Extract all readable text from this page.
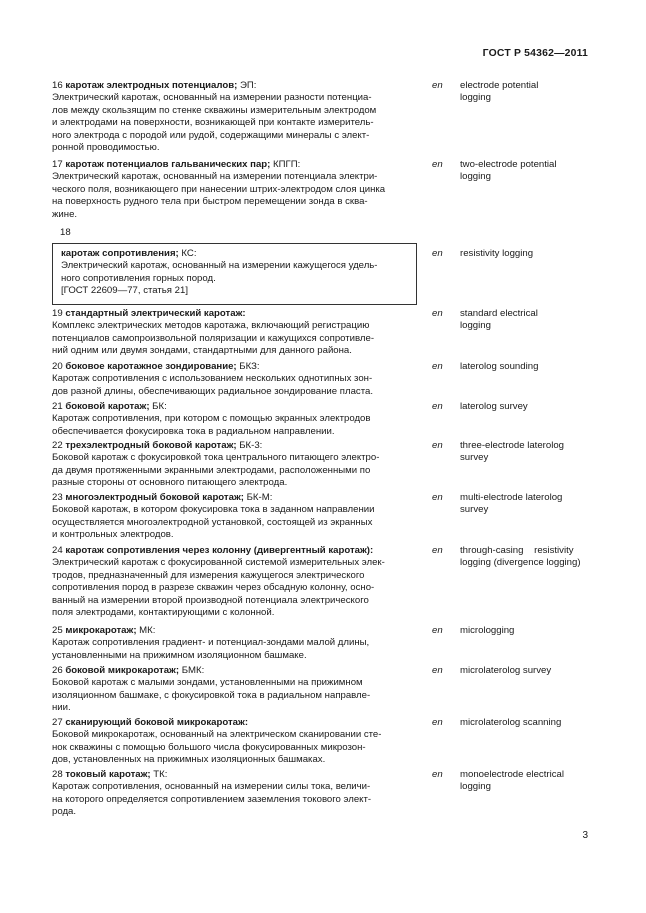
ГОСТ Р 54362—2011
16 каротаж электродных потенциалов; ЭП:
Электрический каротаж, основанный на измерении разности потенциа-
лов между скользящим по стенке скважины измерительным электродом
и электродами на поверхности, возникающей при контакте измеритель-
ного электрода с породой или рудой, содержащими минералы с элект-
ронной проводимостью.
en electrode potential
logging
17 каротаж потенциалов гальванических пар; КПГП:
Электрический каротаж, основанный на измерении потенциала электри-
ческого поля, возникающего при нанесении штрих-электродом слоя цинка
на поверхность рудного тела при быстром перемещении зонда в сква-
жине.
en two-electrode potential
logging
18
каротаж сопротивления; КС:
Электрический каротаж, основанный на измерении кажущегося удель-
ного сопротивления горных пород.
[ГОСТ 22609—77, статья 21]
en resistivity logging
19 стандартный электрический каротаж:
Комплекс электрических методов каротажа, включающий регистрацию
потенциалов самопроизвольной поляризации и кажущихся сопротивле-
ний одним или двумя зондами, стандартными для данного района.
en standard electrical
logging
20 боковое каротажное зондирование; БКЗ:
Каротаж сопротивления с использованием нескольких однотипных зон-
дов разной длины, обеспечивающих радиальное зондирование пласта.
en laterolog sounding
21 боковой каротаж; БК:
Каротаж сопротивления, при котором с помощью экранных электродов
обеспечивается фокусировка тока в радиальном направлении.
en laterolog survey
22 трехэлектродный боковой каротаж; БК-3:
Боковой каротаж с фокусировкой тока центрального питающего электро-
да двумя протяженными экранными электродами, расположенными по
разные стороны от основного питающего электрода.
en three-electrode laterolog
survey
23 многоэлектродный боковой каротаж; БК-М:
Боковой каротаж, в котором фокусировка тока в заданном направлении
осуществляется многоэлектродной установкой, состоящей из экранных
и контрольных электродов.
en multi-electrode laterolog
survey
24 каротаж сопротивления через колонну (дивергентный каротаж):
Электрический каротаж с фокусированной системой измерительных элек-
тродов, предназначенный для измерения кажущегося электрического
сопротивления пород в разрезе скважин через обсадную колонну, осно-
ванный на измерении второй производной потенциала электрического
поля электродами, контактирующими с колонной.
en through-casing    resistivity
logging (divergence logging)
25 микрокаротаж; МК:
Каротаж сопротивления градиент- и потенциал-зондами малой длины,
установленными на прижимном изоляционном башмаке.
en micrologging
26 боковой микрокаротаж; БМК:
Боковой каротаж с малыми зондами, установленными на прижимном
изоляционном башмаке, с фокусировкой тока в радиальном направле-
нии.
en microlaterolog survey
27 сканирующий боковой микрокаротаж:
Боковой микрокаротаж, основанный на электрическом сканировании сте-
нок скважины с помощью большого числа фокусированных микрозон-
дов, установленных на прижимных изоляционных башмаках.
en microlaterolog scanning
28 токовый каротаж; ТК:
Каротаж сопротивления, основанный на измерении силы тока, величи-
на которого определяется сопротивлением заземления токового элект-
рода.
en monoelectrode electrical
logging
3
